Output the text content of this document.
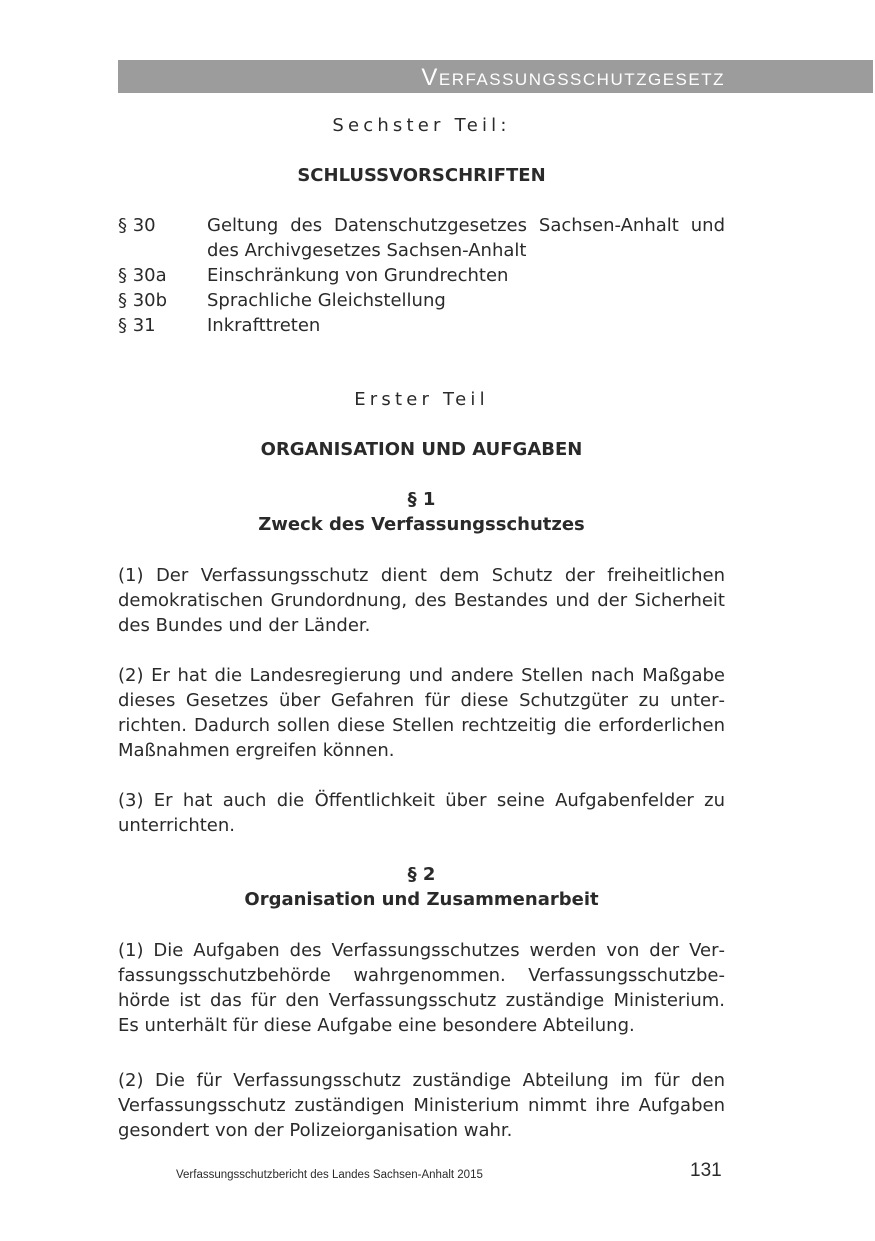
Verfassungsschutzgesetz
Sechster Teil:
SCHLUSSVORSCHRIFTEN
§ 30	Geltung des Datenschutzgesetzes Sachsen-Anhalt und des Archivgesetzes Sachsen-Anhalt
§ 30a Einschränkung von Grundrechten
§ 30b Sprachliche Gleichstellung
§ 31	Inkrafttreten
Erster Teil
ORGANISATION UND AUFGABEN
§ 1
Zweck des Verfassungsschutzes
(1) Der Verfassungsschutz dient dem Schutz der freiheitlichen demokratischen Grundordnung, des Bestandes und der Sicherheit des Bundes und der Länder.
(2) Er hat die Landesregierung und andere Stellen nach Maßgabe dieses Gesetzes über Gefahren für diese Schutzgüter zu unterrichten. Dadurch sollen diese Stellen rechtzeitig die erforderlichen Maßnahmen ergreifen können.
(3) Er hat auch die Öffentlichkeit über seine Aufgabenfelder zu unterrichten.
§ 2
Organisation und Zusammenarbeit
(1) Die Aufgaben des Verfassungsschutzes werden von der Verfassungsschutzbehörde wahrgenommen. Verfassungsschutzbehörde ist das für den Verfassungsschutz zuständige Ministerium. Es unterhält für diese Aufgabe eine besondere Abteilung.
(2) Die für Verfassungsschutz zuständige Abteilung im für den Verfassungsschutz zuständigen Ministerium nimmt ihre Aufgaben gesondert von der Polizeiorganisation wahr.
Verfassungsschutzbericht des Landes Sachsen-Anhalt 2015	131
